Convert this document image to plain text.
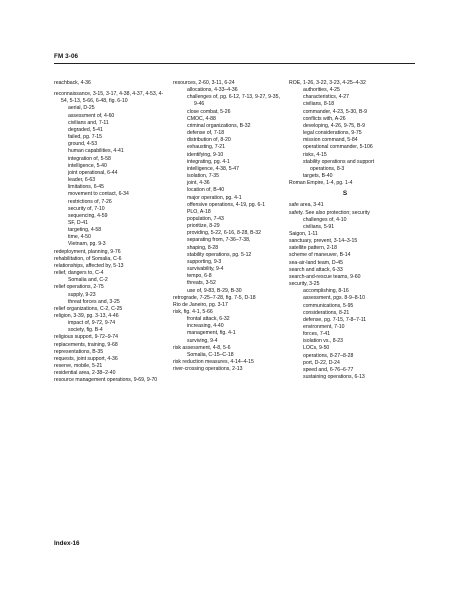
FM 3-06
reachback, 4-36
reconnaissance, 3-15, 3-17, 4-38, 4-37, 4-53, 4-54, 5-13, 5-66, 6-48, fig. 6-10
aerial, D-25
assessment of, 4-60
civilians and, 7-11
degraded, 5-41
failed, pg. 7-15
ground, 4-53
human capabilities, 4-41
integration of, 5-58
intelligence, 5-40
joint operational, 6-44
leader, 6-63
limitations, 6-45
movement to contact, 6-34
restrictions of, 7-26
security of, 7-10
sequencing, 4-59
SF, D-41
targeting, 4-58
time, 4-50
Vietnam, pg. 9-3
redeployment, planning, 9-76
rehabilitation, of Somalia, C-6
relationships, affected by, 5-13
relief, dangers to, C-4
Somalia and, C-2
relief operations, 2-75
supply, 9-23
threat forces and, 3-25
relief organizations, C-2, C-25
religion, 3-39, pg. 3-13, 4-46
impact of, 9-72, 9-74
society, fig. B-4
religious support, 9-72–9-74
replacements, training, 9-68
representations, B-35
requests, joint support, 4-36
reserve, mobile, 5-21
residential area, 2-38–2-40
resource management operations, 9-69, 9-70
resources, 2-60, 3-11, 6-24
allocations, 4-33–4-36
challenges of, pg. 6-12, 7-13, 9-27, 9-35, 9-46
close combat, 5-26
CMOC, 4-88
criminal organizations, B-32
defense of, 7-18
distribution of, 8-20
exhausting, 7-21
identifying, 9-10
integrating, pg. 4-1
intelligence, 4-38, 5-47
isolation, 7-35
joint, 4-36
location of, B-40
major operation, pg. 4-1
offensive operations, 4-19, pg. 6-1
PLO, A-18
population, 7-43
prioritize, 8-29
providing, 5-22, 6-16, 8-28, B-32
separating from, 7-36–7-38,
shaping, 8-28
stability operations, pg. 5-12
supporting, 9-3
survivability, 9-4
tempo, 6-8
threats, 3-52
use of, 9-83, B-29, B-30
retrograde, 7-25–7-28, fig. 7-5, D-18
Rio de Janeiro, pg. 3-17
risk, fig. 4-1, 5-66
frontal attack, 6-32
increasing, 4-40
management, fig. 4-1
surviving, 9-4
risk assessment, 4-8, 5-6
Somalia, C-15–C-18
risk reduction measures, 4-14–4-15
river-crossing operations, 2-13
ROE, 1-26, 3-22, 3-23, 4-25–4-32
authorities, 4-25
characteristics, 4-27
civilians, 8-18
commander, 4-23, 5-30, B-9
conflicts with, A-26
developing, 4-26, 9-75, B-9
legal considerations, 9-75
mission command, 5-84
operational commander, 5-106
risks, 4-15
stability operations and support operations, 8-3
targets, B-40
Roman Empire, 1-4, pg. 1-4
S
safe area, 3-41
safety. See also protection; security
challenges of, 4-10
civilians, 5-91
Saigon, 1-11
sanctuary, prevent, 3-14–3-15
satellite pattern, 2-18
scheme of maneuver, B-14
sea-air-land team, D-45
search and attack, 6-33
search-and-rescue teams, 9-60
security, 3-25
accomplishing, 8-16
assessment, pgs. 8-9–8-10
communications, 5-95
considerations, 8-21
defense, pg. 7-15, 7-8–7-11
environment, 7-10
forces, 7-41
isolation vs., 8-23
LOCs, 9-50
operations, 8-27–8-28
port, D-22, D-24
speed and, 6-76–6-77
sustaining operations, 6-13
Index-16
